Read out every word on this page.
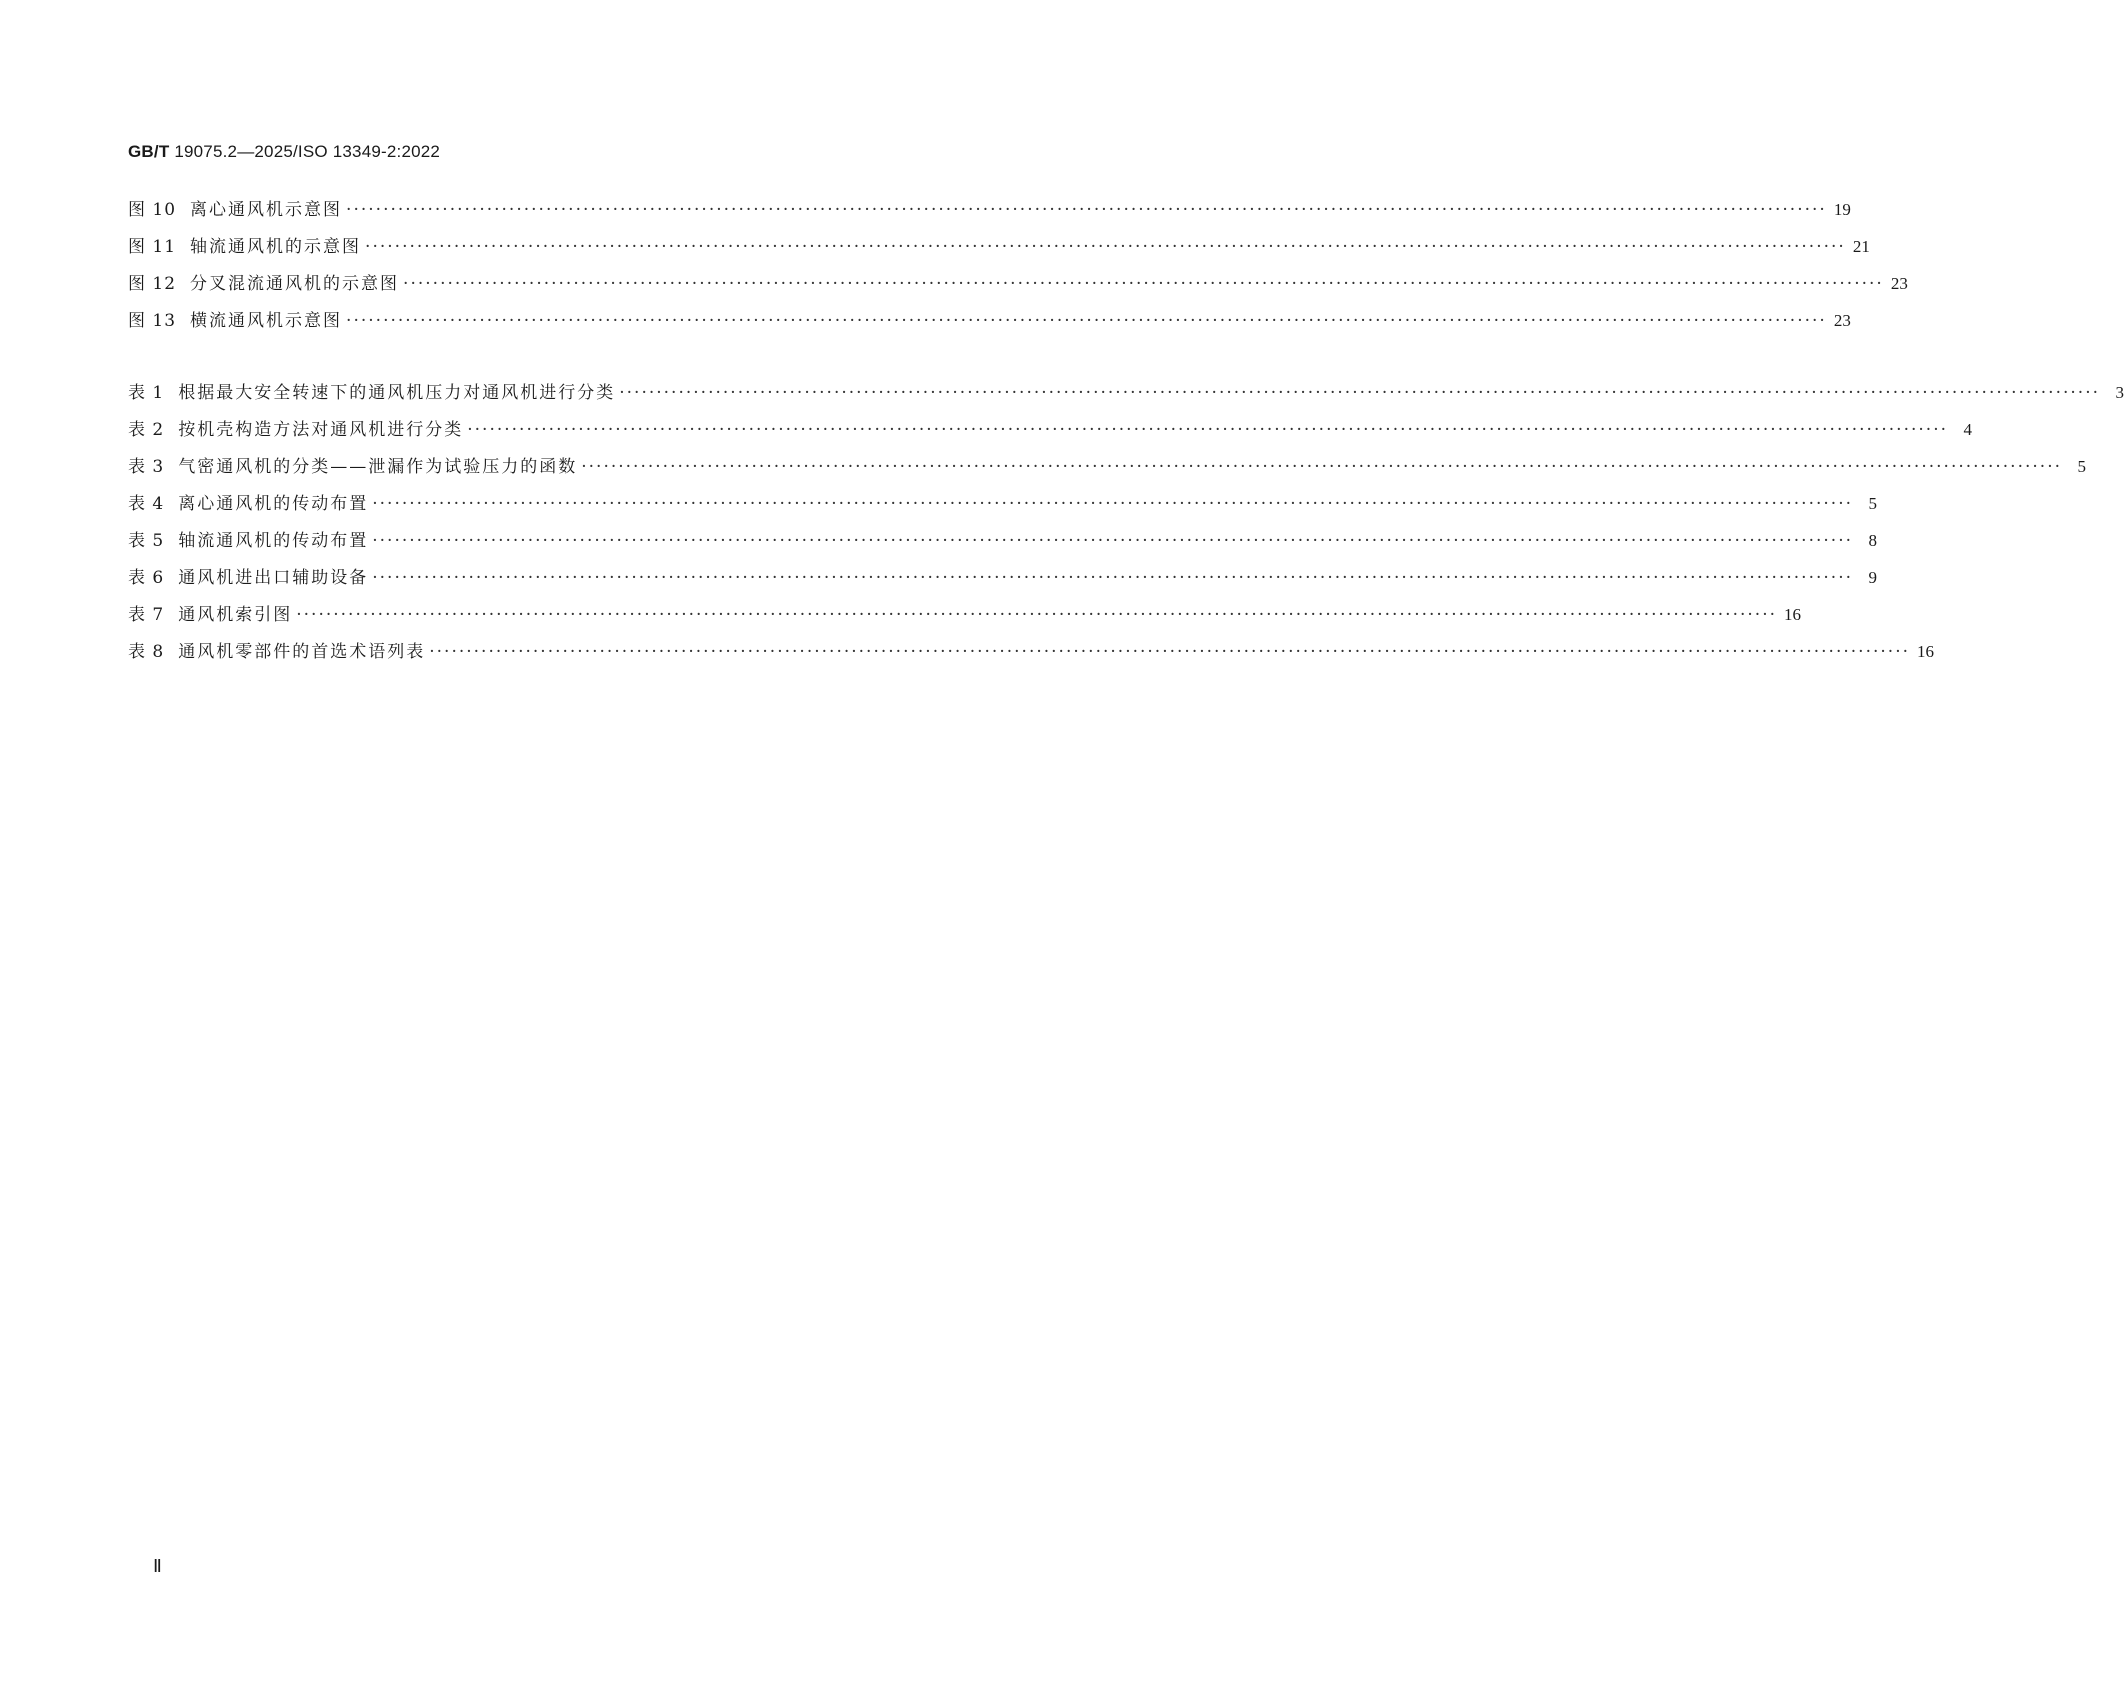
GB/T 19075.2—2025/ISO 13349-2:2022
图 10 离心通风机示意图 ········································································································································································································ 19
图 11 轴流通风机的示意图 ········································································································································································································ 21
图 12 分叉混流通风机的示意图 ········································································································································································································ 23
图 13 横流通风机示意图 ········································································································································································································ 23
表 1 根据最大安全转速下的通风机压力对通风机进行分类 ········································································································································································································ 3
表 2 按机壳构造方法对通风机进行分类 ········································································································································································································ 4
表 3 气密通风机的分类——泄漏作为试验压力的函数 ········································································································································································································ 5
表 4 离心通风机的传动布置 ········································································································································································································ 5
表 5 轴流通风机的传动布置 ········································································································································································································ 8
表 6 通风机进出口辅助设备 ········································································································································································································ 9
表 7 通风机索引图 ········································································································································································································ 16
表 8 通风机零部件的首选术语列表 ········································································································································································································ 16
Ⅱ
